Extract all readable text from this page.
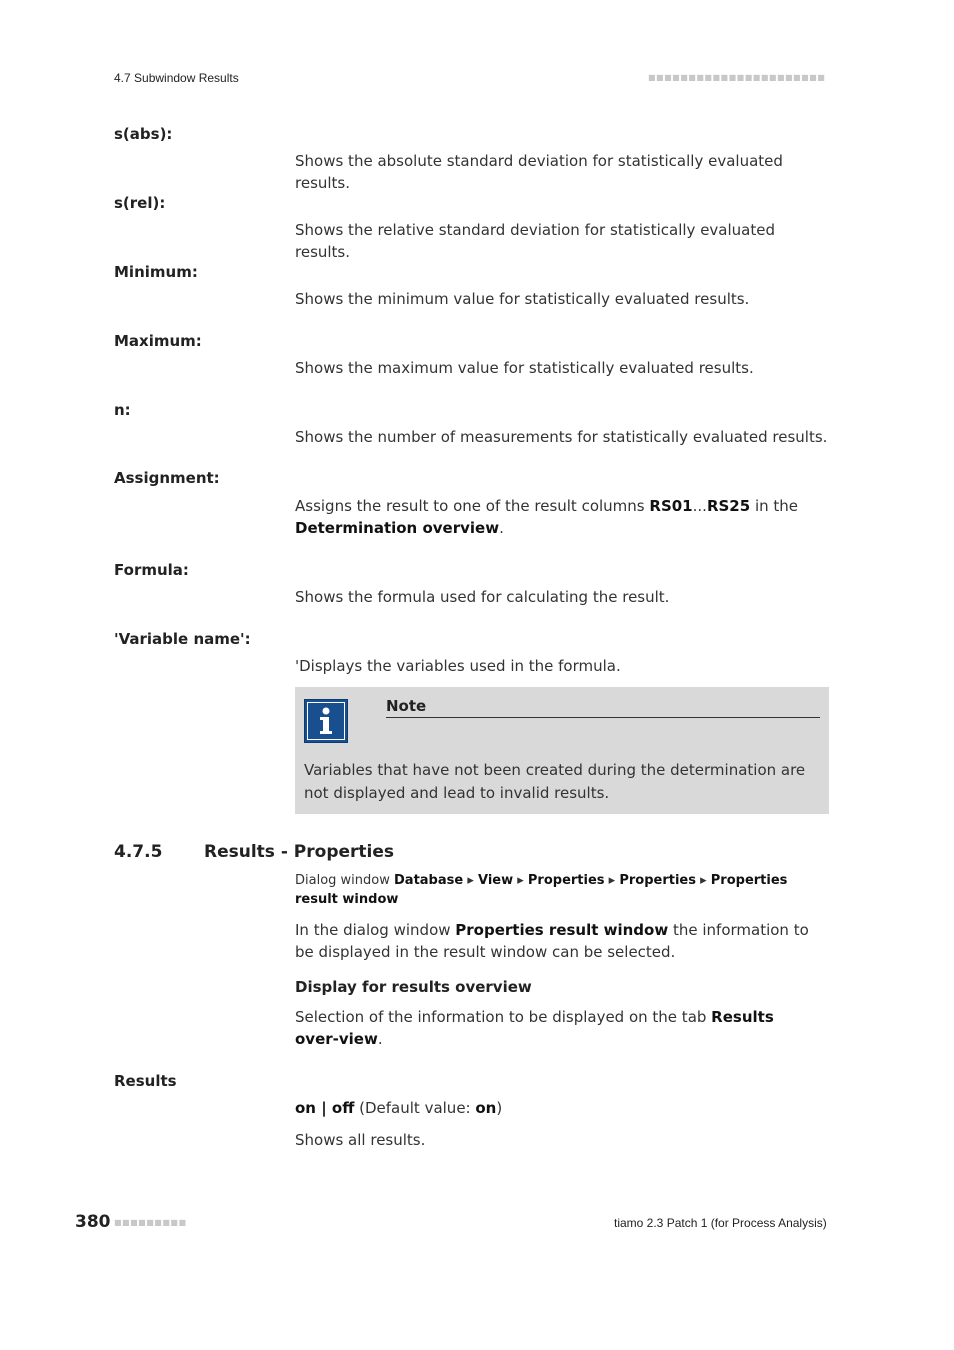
4.7 Subwindow Results	■■■■■■■■■■■■■■■■■■■■■■
s(abs):
Shows the absolute standard deviation for statistically evaluated results.
s(rel):
Shows the relative standard deviation for statistically evaluated results.
Minimum:
Shows the minimum value for statistically evaluated results.
Maximum:
Shows the maximum value for statistically evaluated results.
n:
Shows the number of measurements for statistically evaluated results.
Assignment:
Assigns the result to one of the result columns RS01...RS25 in the Determination overview.
Formula:
Shows the formula used for calculating the result.
'Variable name':
'Displays the variables used in the formula.
Note
Variables that have not been created during the determination are not displayed and lead to invalid results.
4.7.5 Results - Properties
Dialog window Database ▸ View ▸ Properties ▸ Properties ▸ Properties result window
In the dialog window Properties result window the information to be displayed in the result window can be selected.
Display for results overview
Selection of the information to be displayed on the tab Results over-view.
Results
on | off (Default value: on)
Shows all results.
380 ■■■■■■■■■	tiamo 2.3 Patch 1 (for Process Analysis)
